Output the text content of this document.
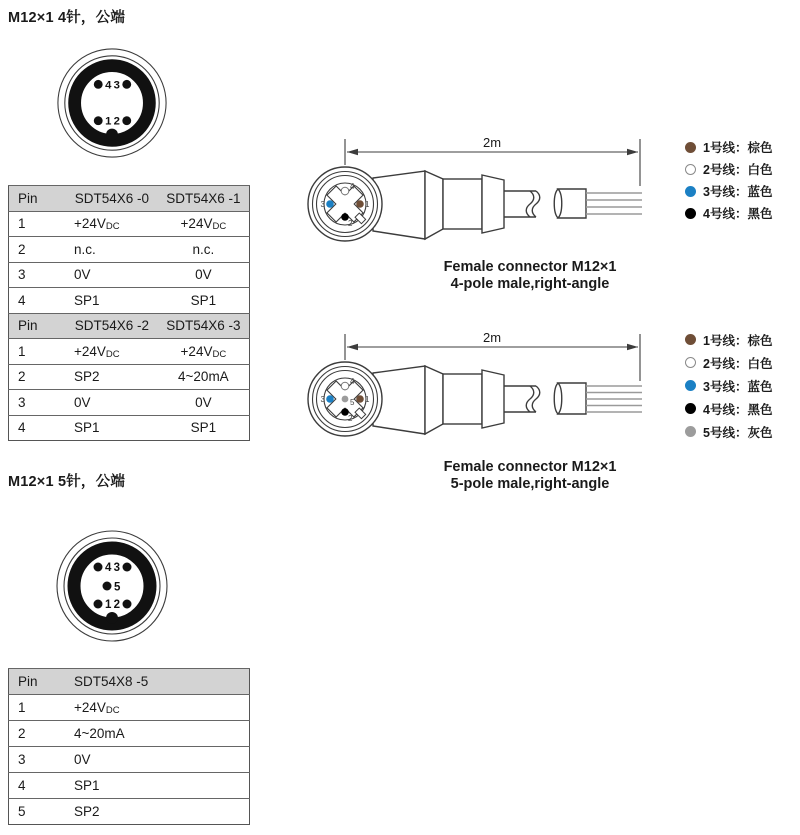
M12×1 4针，公端
4 3
1 2
Pin	SDT54X6 -0	SDT54X6 -1
1	$+24V_{DC}$	$+24V_{DC}$
2	n.c.	n.c.
3	0V	0V
4	SP1	SP1
Pin	SDT54X6 -2	SDT54X6 -3
1	$+24V_{DC}$	$+24V_{DC}$
2	SP2	4~20mA
3	0V	0V
4	SP1	SP1
M12×1 5针，公端
4 3
5
1 2
Pin	SDT54X8 -5
1	$+24V_{DC}$
2	4~20mA
3	0V
4	SP1
5	SP2
2m
4
3	1
2
Female connector M12×1
4-pole male,right-angle
1号线：棕色
2号线：白色
3号线：蓝色
4号线：黑色
2m
4
3	1
5
2
Female connector M12×1
5-pole male,right-angle
1号线：棕色
2号线：白色
3号线：蓝色
4号线：黑色
5号线：灰色
